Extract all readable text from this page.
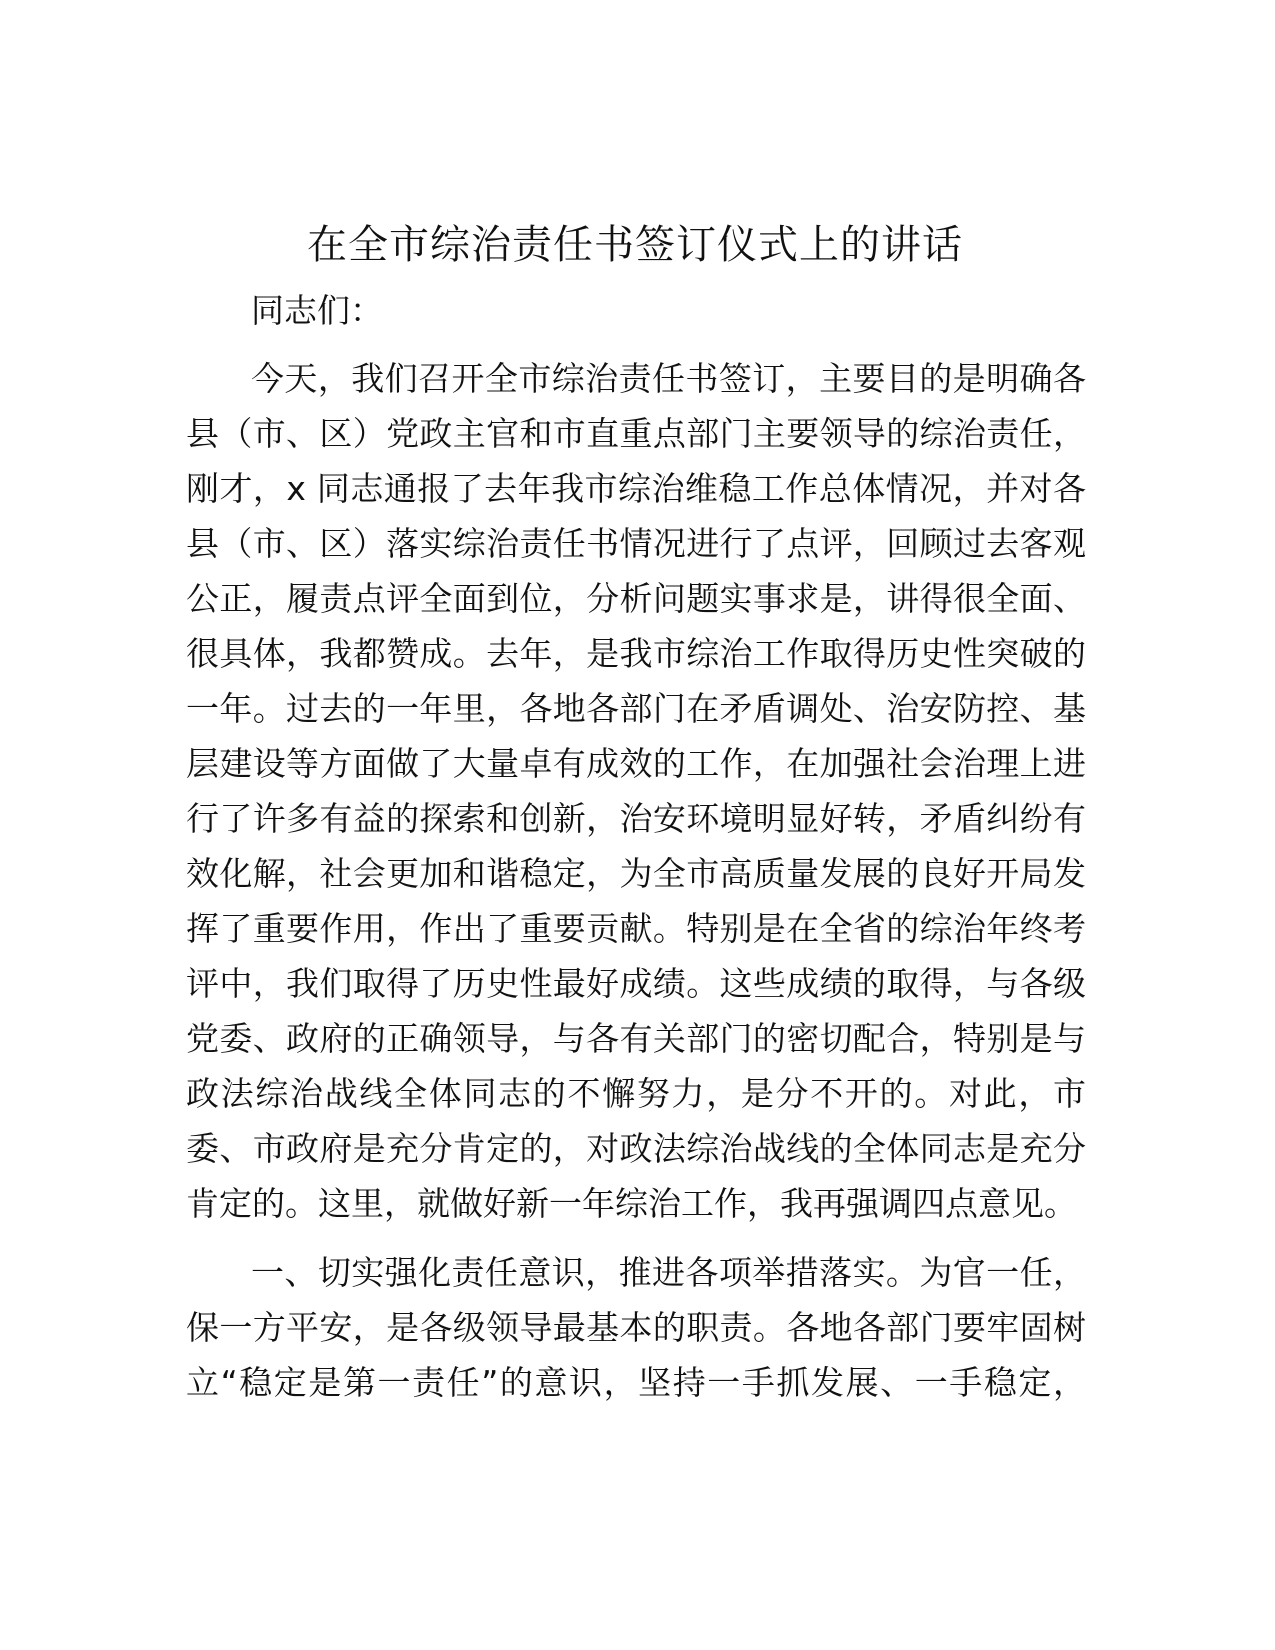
在全市综治责任书签订仪式上的讲话
同志们：
今天，我们召开全市综治责任书签订，主要目的是明确各
县（市、区）党政主官和市直重点部门主要领导的综治责任，
刚才，x 同志通报了去年我市综治维稳工作总体情况，并对各
县（市、区）落实综治责任书情况进行了点评，回顾过去客观
公正，履责点评全面到位，分析问题实事求是，讲得很全面、
很具体，我都赞成。去年，是我市综治工作取得历史性突破的
一年。过去的一年里，各地各部门在矛盾调处、治安防控、基
层建设等方面做了大量卓有成效的工作，在加强社会治理上进
行了许多有益的探索和创新，治安环境明显好转，矛盾纠纷有
效化解，社会更加和谐稳定，为全市高质量发展的良好开局发
挥了重要作用，作出了重要贡献。特别是在全省的综治年终考
评中，我们取得了历史性最好成绩。这些成绩的取得，与各级
党委、政府的正确领导，与各有关部门的密切配合，特别是与
政法综治战线全体同志的不懈努力，是分不开的。对此，市
委、市政府是充分肯定的，对政法综治战线的全体同志是充分
肯定的。这里，就做好新一年综治工作，我再强调四点意见。
一、切实强化责任意识，推进各项举措落实。为官一任，
保一方平安，是各级领导最基本的职责。各地各部门要牢固树
立“稳定是第一责任”的意识，坚持一手抓发展、一手稳定，
